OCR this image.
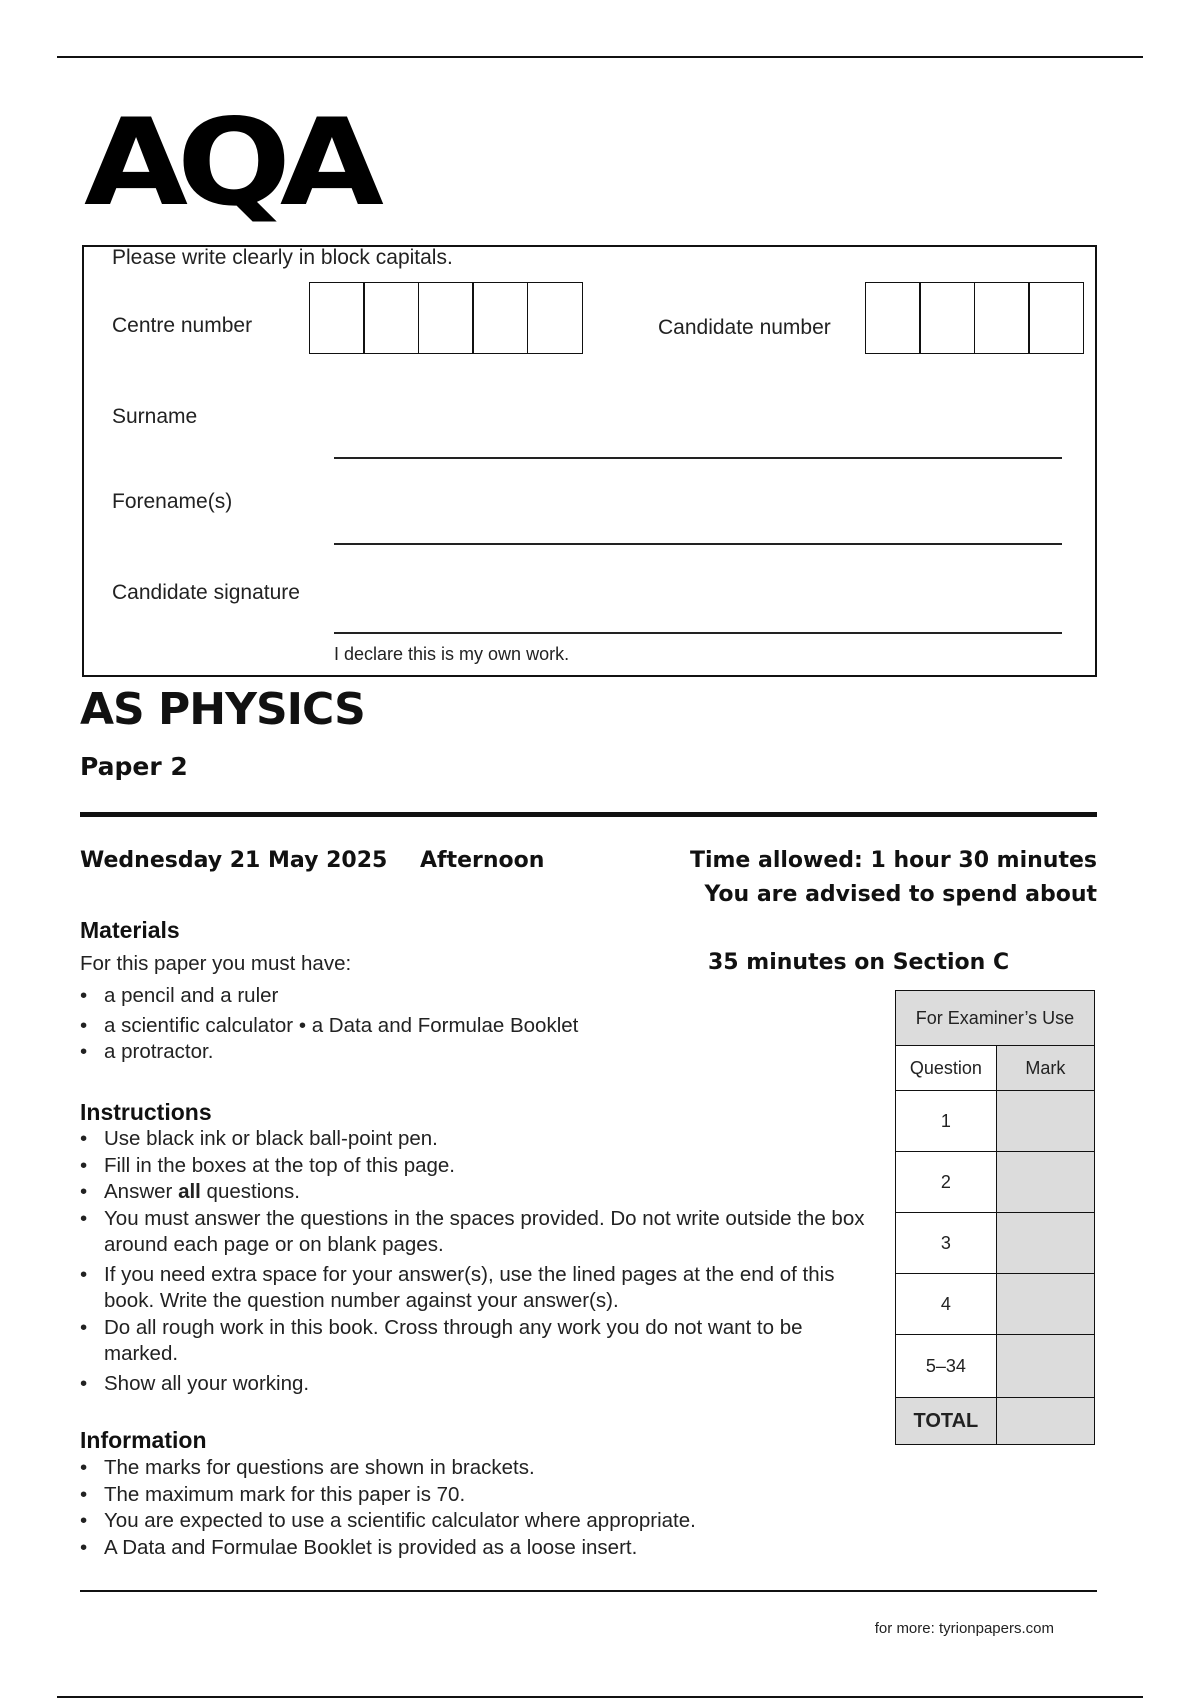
AQA
Please write clearly in block capitals.
Centre number	Candidate number
Surname
Forename(s)
Candidate signature
I declare this is my own work.
AS PHYSICS
Paper 2
Wednesday 21 May 2025 Afternoon	Time allowed: 1 hour 30 minutes
You are advised to spend about
35 minutes on Section C
Materials
For this paper you must have:
• a pencil and a ruler
• a scientific calculator • a Data and Formulae Booklet
• a protractor.
Instructions
• Use black ink or black ball-point pen.
• Fill in the boxes at the top of this page.
• Answer all questions.
• You must answer the questions in the spaces provided. Do not write outside the box around each page or on blank pages.
• If you need extra space for your answer(s), use the lined pages at the end of this book. Write the question number against your answer(s).
• Do all rough work in this book. Cross through any work you do not want to be marked.
• Show all your working.
Information
• The marks for questions are shown in brackets.
• The maximum mark for this paper is 70.
• You are expected to use a scientific calculator where appropriate.
• A Data and Formulae Booklet is provided as a loose insert.
For Examiner’s Use	
Question	Mark
1	
2	
3	
4	
5–34	
TOTAL	
for more: tyrionpapers.com
